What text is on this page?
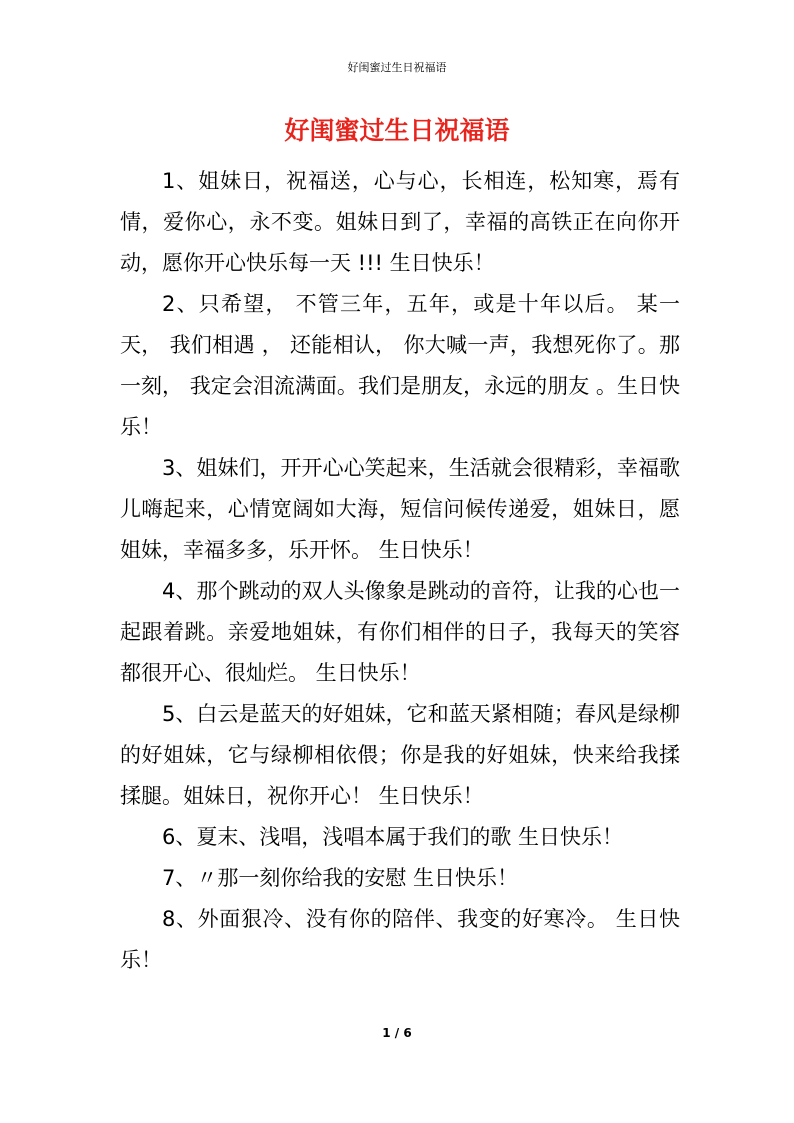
好闺蜜过生日祝福语
好闺蜜过生日祝福语

1、姐妹日，祝福送，心与心，长相连，松知寒，焉有情，爱你心，永不变。姐妹日到了，幸福的高铁正在向你开动，愿你开心快乐每一天 !!! 生日快乐！

2、只希望， 不管三年，五年，或是十年以后。 某一天， 我们相遇 ， 还能相认， 你大喊一声，我想死你了。那一刻， 我定会泪流满面。我们是朋友，永远的朋友 。生日快乐！

3、姐妹们，开开心心笑起来，生活就会很精彩，幸福歌儿嗨起来，心情宽阔如大海，短信问候传递爱，姐妹日，愿姐妹，幸福多多，乐开怀。 生日快乐！

4、那个跳动的双人头像象是跳动的音符，让我的心也一起跟着跳。亲爱地姐妹，有你们相伴的日子，我每天的笑容都很开心、很灿烂。 生日快乐！

5、白云是蓝天的好姐妹，它和蓝天紧相随；春风是绿柳的好姐妹，它与绿柳相依偎；你是我的好姐妹，快来给我揉揉腿。姐妹日，祝你开心！ 生日快乐！

6、夏末、浅唱，浅唱本属于我们的歌 生日快乐！

7、〃那一刻你给我的安慰 生日快乐！

8、外面狠冷、没有你的陪伴、我变的好寒冷。 生日快乐！

1 / 6
